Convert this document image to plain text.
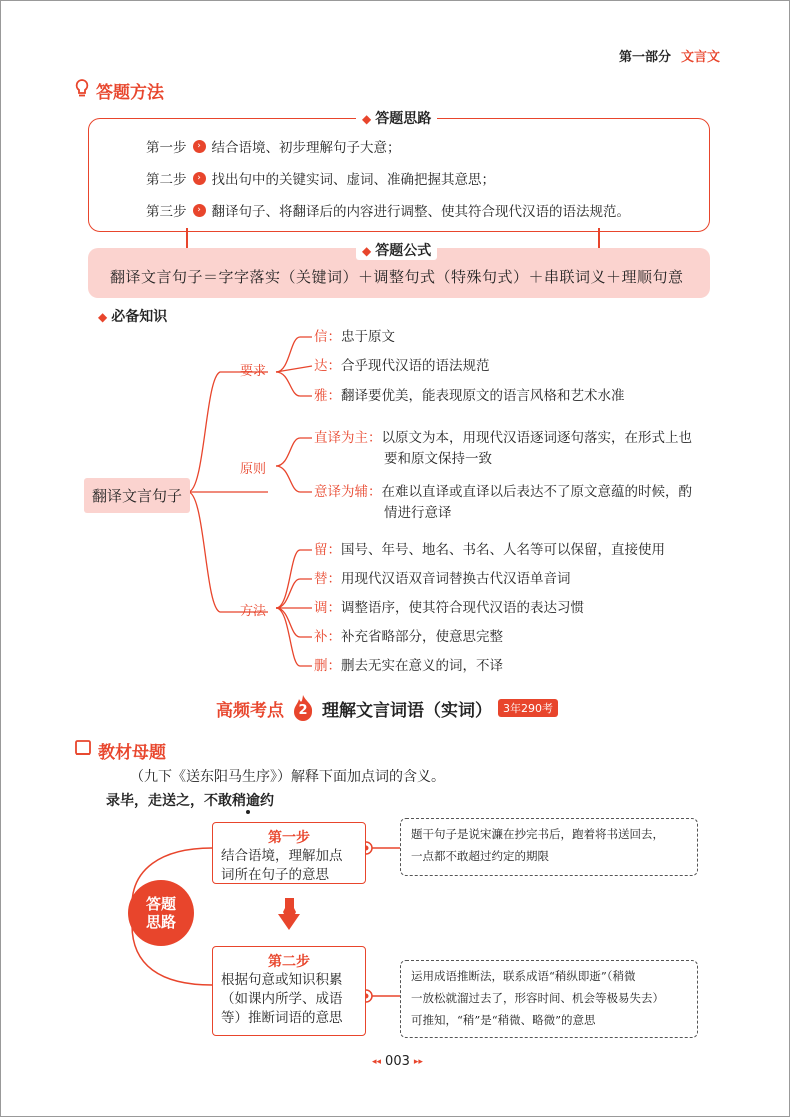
第一部分 文言文
答题方法
◆ 答题思路
第一步	› 结合语境、初步理解句子大意；
第二步	› 找出句中的关键实词、虚词、准确把握其意思；
第三步	› 翻译句子、将翻译后的内容进行调整、使其符合现代汉语的语法规范。
◆ 答题公式
翻译文言句子＝字字落实（关键词）＋调整句式（特殊句式）＋串联词义＋理顺句意
◆ 必备知识
翻译文言句子
要求
原则
方法
信：忠于原文
达：合乎现代汉语的语法规范
雅：翻译要优美，能表现原文的语言风格和艺术水准
直译为主：以原文为本，用现代汉语逐词逐句落实，在形式上也
要和原文保持一致
意译为辅：在难以直译或直译以后表达不了原文意蕴的时候，酌
情进行意译
留：国号、年号、地名、书名、人名等可以保留，直接使用
替：用现代汉语双音词替换古代汉语单音词
调：调整语序，使其符合现代汉语的表达习惯
补：补充省略部分，使意思完整
删：删去无实在意义的词，不译
高频考点	2 理解文言词语（实词）	3年290考
教材母题
（九下《送东阳马生序》）解释下面加点词的含义。
录毕，走送之，不敢稍逾约
答题
思路
第一步
结合语境，理解加点
词所在句子的意思
第二步
根据句意或知识积累
（如课内所学、成语
等）推断词语的意思
题干句子是说宋濂在抄完书后，跑着将书送回去，
一点都不敢超过约定的期限
运用成语推断法，联系成语“稍纵即逝”（稍微
一放松就溜过去了，形容时间、机会等极易失去）
可推知，“稍”是“稍微、略微”的意思
◂◂ 003 ▸▸
